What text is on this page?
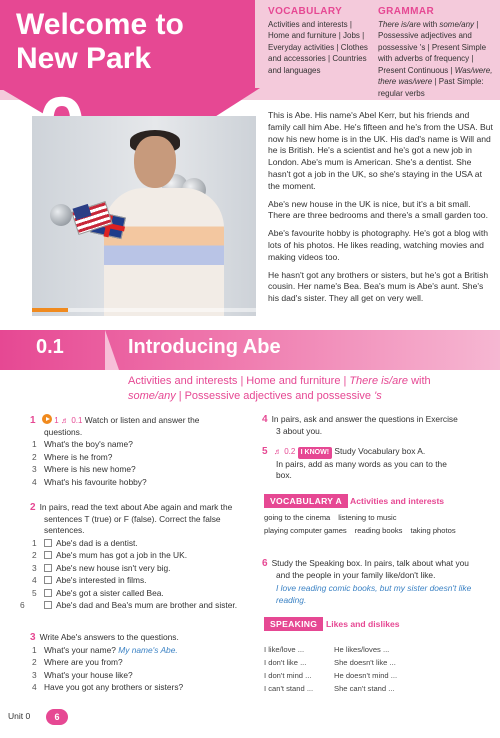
Welcome to
New Park
VOCABULARY
Activities and interests | Home and furniture | Jobs | Everyday activities | Clothes and accessories | Countries and languages
GRAMMAR
There is/are with some/any | Possessive adjectives and possessive 's | Present Simple with adverbs of frequency | Present Continuous | Was/were, there was/were | Past Simple: regular verbs

This is Abe. His name's Abel Kerr, but his friends and family call him Abe. He's fifteen and he's from the USA. But now his new home is in the UK. His dad's name is Will and he is British. He's a scientist and he's got a new job in London. Abe's mum is American. She's a dentist. She hasn't got a job in the UK, so she's staying in the USA at the moment.

Abe's new house in the UK is nice, but it's a bit small. There are three bedrooms and there's a small garden too.

Abe's favourite hobby is photography. He's got a blog with lots of his photos. He likes reading, watching movies and making videos too.

He hasn't got any brothers or sisters, but he's got a British cousin. Her name's Bea. Bea's mum is Abe's aunt. She's his dad's sister. They all get on very well.

0.1	Introducing Abe
Activities and interests | Home and furniture | There is/are with
some/any | Possessive adjectives and possessive 's
1 1 ♬ 0.1 Watch or listen and answer the
questions.
1 What's the boy's name?
2 Where is he from?
3 Where is his new home?
4 What's his favourite hobby?
2 In pairs, read the text about Abe again and mark the sentences T (true) or F (false). Correct the false sentences.
1 Abe's dad is a dentist.
2 Abe's mum has got a job in the UK.
3 Abe's new house isn't very big.
4 Abe's interested in films.
5 Abe's got a sister called Bea.
6	Abe's dad and Bea's mum are brother and sister.
3 Write Abe's answers to the questions.
1 What's your name? My name's Abe.
2 Where are you from?
3 What's your house like?
4 Have you got any brothers or sisters?
4 In pairs, ask and answer the questions in Exercise 3 about you.
5 ♬ 0.2 I KNOW! Study Vocabulary box A.
In pairs, add as many words as you can to the box.
VOCABULARY A Activities and interests
going to the cinema listening to music
playing computer games reading books taking photos
6 Study the Speaking box. In pairs, talk about what you and the people in your family like/don't like.
I love reading comic books, but my sister doesn't like reading.
SPEAKING	Likes and dislikes
I like/love ...	He likes/loves ...
I don't like ...	She doesn't like ...
I don't mind ...	He doesn't mind ...
I can't stand ...	She can't stand ...
Unit 0	6
